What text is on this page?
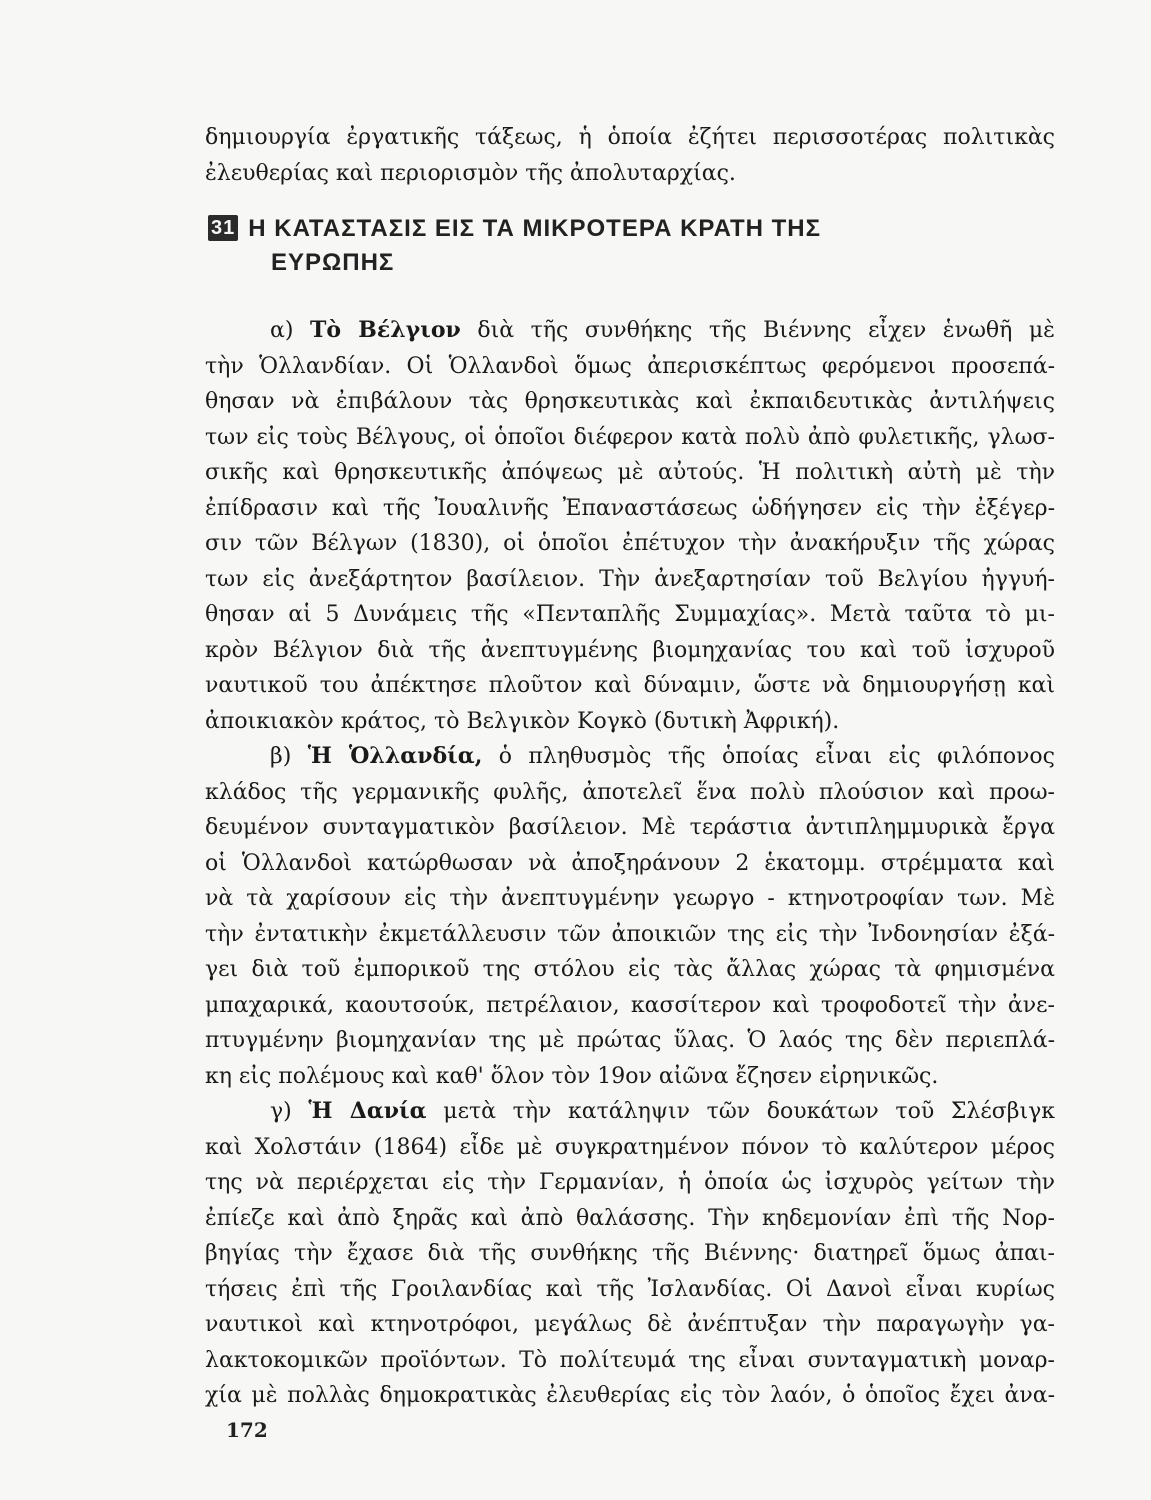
δημιουργία ἐργατικῆς τάξεως, ἡ ὁποία ἐζήτει περισσοτέρας πολιτικὰς
ἐλευθερίας καὶ περιορισμὸν τῆς ἀπολυταρχίας.
31 Η ΚΑΤΑΣΤΑΣΙΣ ΕΙΣ ΤΑ ΜΙΚΡΟΤΕΡΑ ΚΡΑΤΗ ΤΗΣ
ΕΥΡΩΠΗΣ
α) Τὸ Βέλγιον διὰ τῆς συνθήκης τῆς Βιέννης εἶχεν ἑνωθῆ μὲ
τὴν Ὁλλανδίαν. Οἱ Ὁλλανδοὶ ὅμως ἀπερισκέπτως φερόμενοι προσεπά-
θησαν νὰ ἐπιβάλουν τὰς θρησκευτικὰς καὶ ἐκπαιδευτικὰς ἀντιλήψεις
των εἰς τοὺς Βέλγους, οἱ ὁποῖοι διέφερον κατὰ πολὺ ἀπὸ φυλετικῆς, γλωσ-
σικῆς καὶ θρησκευτικῆς ἀπόψεως μὲ αὐτούς. Ἡ πολιτικὴ αὐτὴ μὲ τὴν
ἐπίδρασιν καὶ τῆς Ἰουαλινῆς Ἐπαναστάσεως ὡδήγησεν εἰς τὴν ἐξέγερ-
σιν τῶν Βέλγων (1830), οἱ ὁποῖοι ἐπέτυχον τὴν ἀνακήρυξιν τῆς χώρας
των εἰς ἀνεξάρτητον βασίλειον. Τὴν ἀνεξαρτησίαν τοῦ Βελγίου ἠγγυή-
θησαν αἱ 5 Δυνάμεις τῆς «Πενταπλῆς Συμμαχίας». Μετὰ ταῦτα τὸ μι-
κρὸν Βέλγιον διὰ τῆς ἀνεπτυγμένης βιομηχανίας του καὶ τοῦ ἰσχυροῦ
ναυτικοῦ του ἀπέκτησε πλοῦτον καὶ δύναμιν, ὥστε νὰ δημιουργήσῃ καὶ
ἀποικιακὸν κράτος, τὸ Βελγικὸν Κογκὸ (δυτικὴ Ἀφρική).
β) Ἡ Ὁλλανδία, ὁ πληθυσμὸς τῆς ὁποίας εἶναι εἰς φιλόπονος
κλάδος τῆς γερμανικῆς φυλῆς, ἀποτελεῖ ἕνα πολὺ πλούσιον καὶ προω-
δευμένον συνταγματικὸν βασίλειον. Μὲ τεράστια ἀντιπλημμυρικὰ ἔργα
οἱ Ὁλλανδοὶ κατώρθωσαν νὰ ἀποξηράνουν 2 ἑκατομμ. στρέμματα καὶ
νὰ τὰ χαρίσουν εἰς τὴν ἀνεπτυγμένην γεωργο - κτηνοτροφίαν των. Μὲ
τὴν ἐντατικὴν ἐκμετάλλευσιν τῶν ἀποικιῶν της εἰς τὴν Ἰνδονησίαν ἐξά-
γει διὰ τοῦ ἐμπορικοῦ της στόλου εἰς τὰς ἄλλας χώρας τὰ φημισμένα
μπαχαρικά, καουτσούκ, πετρέλαιον, κασσίτερον καὶ τροφοδοτεῖ τὴν ἀνε-
πτυγμένην βιομηχανίαν της μὲ πρώτας ὕλας. Ὁ λαός της δὲν περιεπλά-
κη εἰς πολέμους καὶ καθ' ὅλον τὸν 19ον αἰῶνα ἔζησεν εἰρηνικῶς.
γ) Ἡ Δανία μετὰ τὴν κατάληψιν τῶν δουκάτων τοῦ Σλέσβιγκ
καὶ Χολστάιν (1864) εἶδε μὲ συγκρατημένον πόνον τὸ καλύτερον μέρος
της νὰ περιέρχεται εἰς τὴν Γερμανίαν, ἡ ὁποία ὡς ἰσχυρὸς γείτων τὴν
ἐπίεζε καὶ ἀπὸ ξηρᾶς καὶ ἀπὸ θαλάσσης. Τὴν κηδεμονίαν ἐπὶ τῆς Νορ-
βηγίας τὴν ἔχασε διὰ τῆς συνθήκης τῆς Βιέννης· διατηρεῖ ὅμως ἀπαι-
τήσεις ἐπὶ τῆς Γροιλανδίας καὶ τῆς Ἰσλανδίας. Οἱ Δανοὶ εἶναι κυρίως
ναυτικοὶ καὶ κτηνοτρόφοι, μεγάλως δὲ ἀνέπτυξαν τὴν παραγωγὴν γα-
λακτοκομικῶν προϊόντων. Τὸ πολίτευμά της εἶναι συνταγματικὴ μοναρ-
χία μὲ πολλὰς δημοκρατικὰς ἐλευθερίας εἰς τὸν λαόν, ὁ ὁποῖος ἔχει ἀνα-
172
